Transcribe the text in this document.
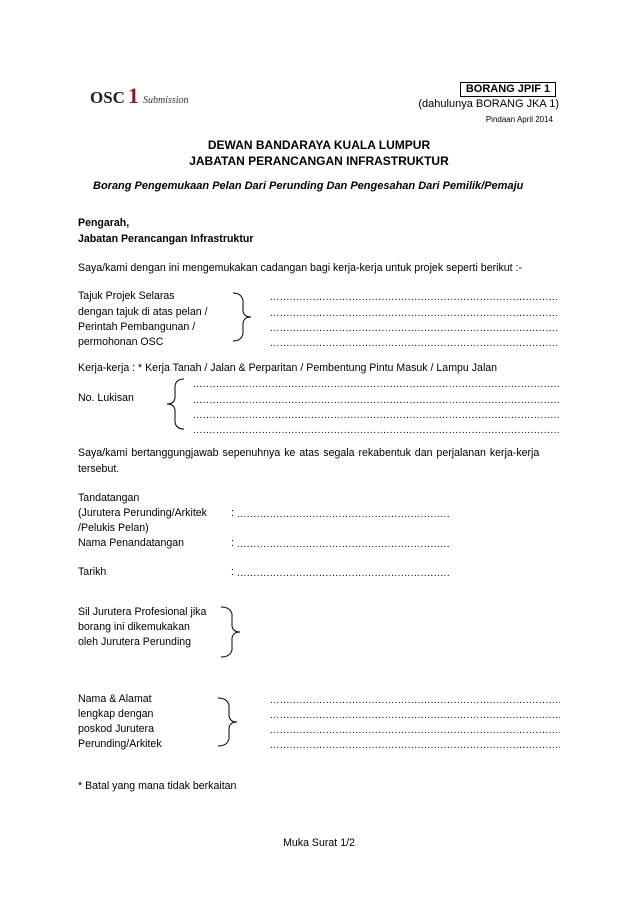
OSC 1 Submission
BORANG JPIF 1
(dahulunya BORANG JKA 1)
Pindaan April 2014
DEWAN BANDARAYA KUALA LUMPUR
JABATAN PERANCANGAN INFRASTRUKTUR
Borang Pengemukaan Pelan Dari Perunding Dan Pengesahan Dari Pemilik/Pemaju
Pengarah,
Jabatan Perancangan Infrastruktur
Saya/kami dengan ini mengemukakan cadangan bagi kerja-kerja untuk projek seperti berikut :-
Tajuk Projek Selaras
dengan tajuk di atas pelan /
Perintah Pembangunan /
permohonan OSC
.....
.....
.....
.....
Kerja-kerja : * Kerja Tanah / Jalan & Perparitan / Pembentung Pintu Masuk / Lampu Jalan
No. Lukisan
.....
.....
.....
.....
Saya/kami bertanggungjawab sepenuhnya ke atas segala rekabentuk dan perjalanan kerja-kerja
tersebut.
Tandatangan
(Jurutera Perunding/Arkitek
/Pelukis Pelan)
:
.....
Nama Penandatangan	:
.....
Tarikh	:
.....
Sil Jurutera Profesional jika
borang ini dikemukakan
oleh Jurutera Perunding
Nama & Alamat
lengkap dengan
poskod Jurutera
Perunding/Arkitek
.....
.....
.....
.....
* Batal yang mana tidak berkaitan
Muka Surat 1/2
